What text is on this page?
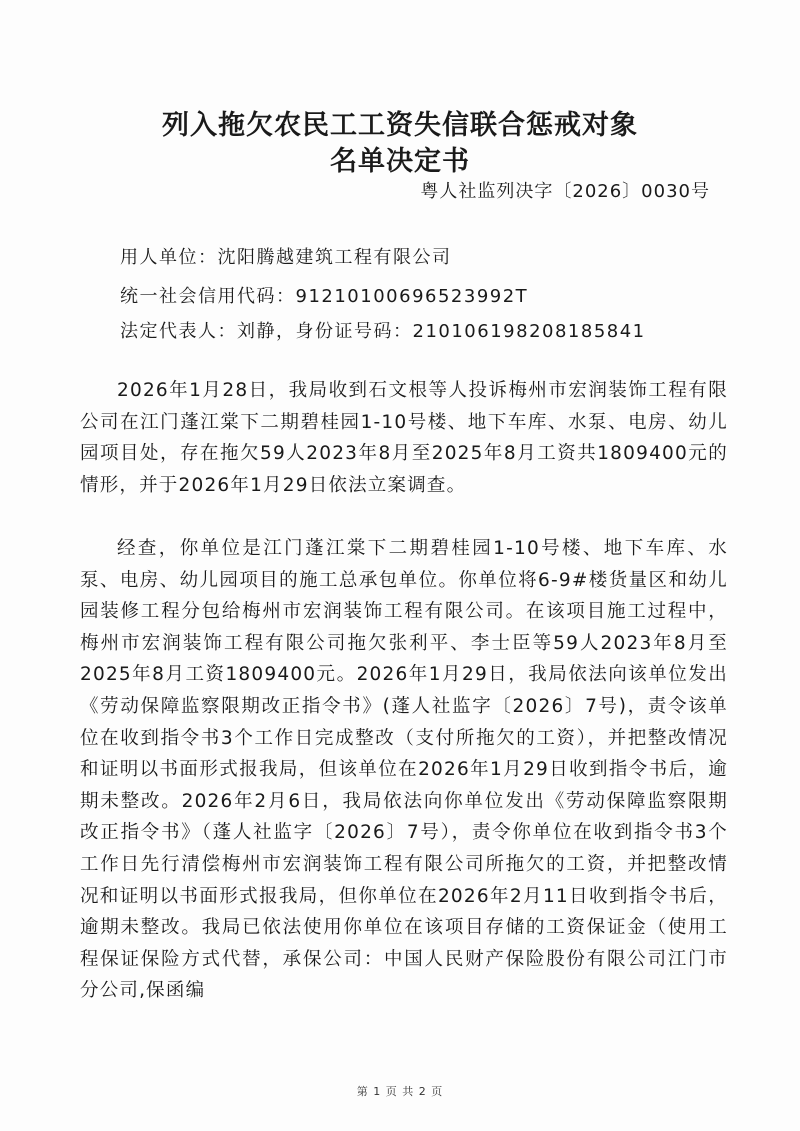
列入拖欠农民工工资失信联合惩戒对象
名单决定书
粤人社监列决字〔2026〕0030号
用人单位：沈阳腾越建筑工程有限公司
统一社会信用代码：91210100696523992T
法定代表人：刘静，身份证号码：210106198208185841

2026年1月28日，我局收到石文根等人投诉梅州市宏润装饰工程有限公司在江门蓬江棠下二期碧桂园1-10号楼、地下车库、水泵、电房、幼儿园项目处，存在拖欠59人2023年8月至2025年8月工资共1809400元的情形，并于2026年1月29日依法立案调查。

经查，你单位是江门蓬江棠下二期碧桂园1-10号楼、地下车库、水泵、电房、幼儿园项目的施工总承包单位。你单位将6-9#楼货量区和幼儿园装修工程分包给梅州市宏润装饰工程有限公司。在该项目施工过程中，梅州市宏润装饰工程有限公司拖欠张利平、李士臣等59人2023年8月至2025年8月工资1809400元。2026年1月29日，我局依法向该单位发出《劳动保障监察限期改正指令书》(蓬人社监字〔2026〕7号)，责令该单位在收到指令书3个工作日完成整改（支付所拖欠的工资），并把整改情况和证明以书面形式报我局，但该单位在2026年1月29日收到指令书后，逾期未整改。2026年2月6日，我局依法向你单位发出《劳动保障监察限期改正指令书》（蓬人社监字〔2026〕7号），责令你单位在收到指令书3个工作日先行清偿梅州市宏润装饰工程有限公司所拖欠的工资，并把整改情况和证明以书面形式报我局，但你单位在2026年2月11日收到指令书后，逾期未整改。我局已依法使用你单位在该项目存储的工资保证金（使用工程保证保险方式代替，承保公司：中国人民财产保险股份有限公司江门市分公司,保函编

第 1 页 共 2 页
